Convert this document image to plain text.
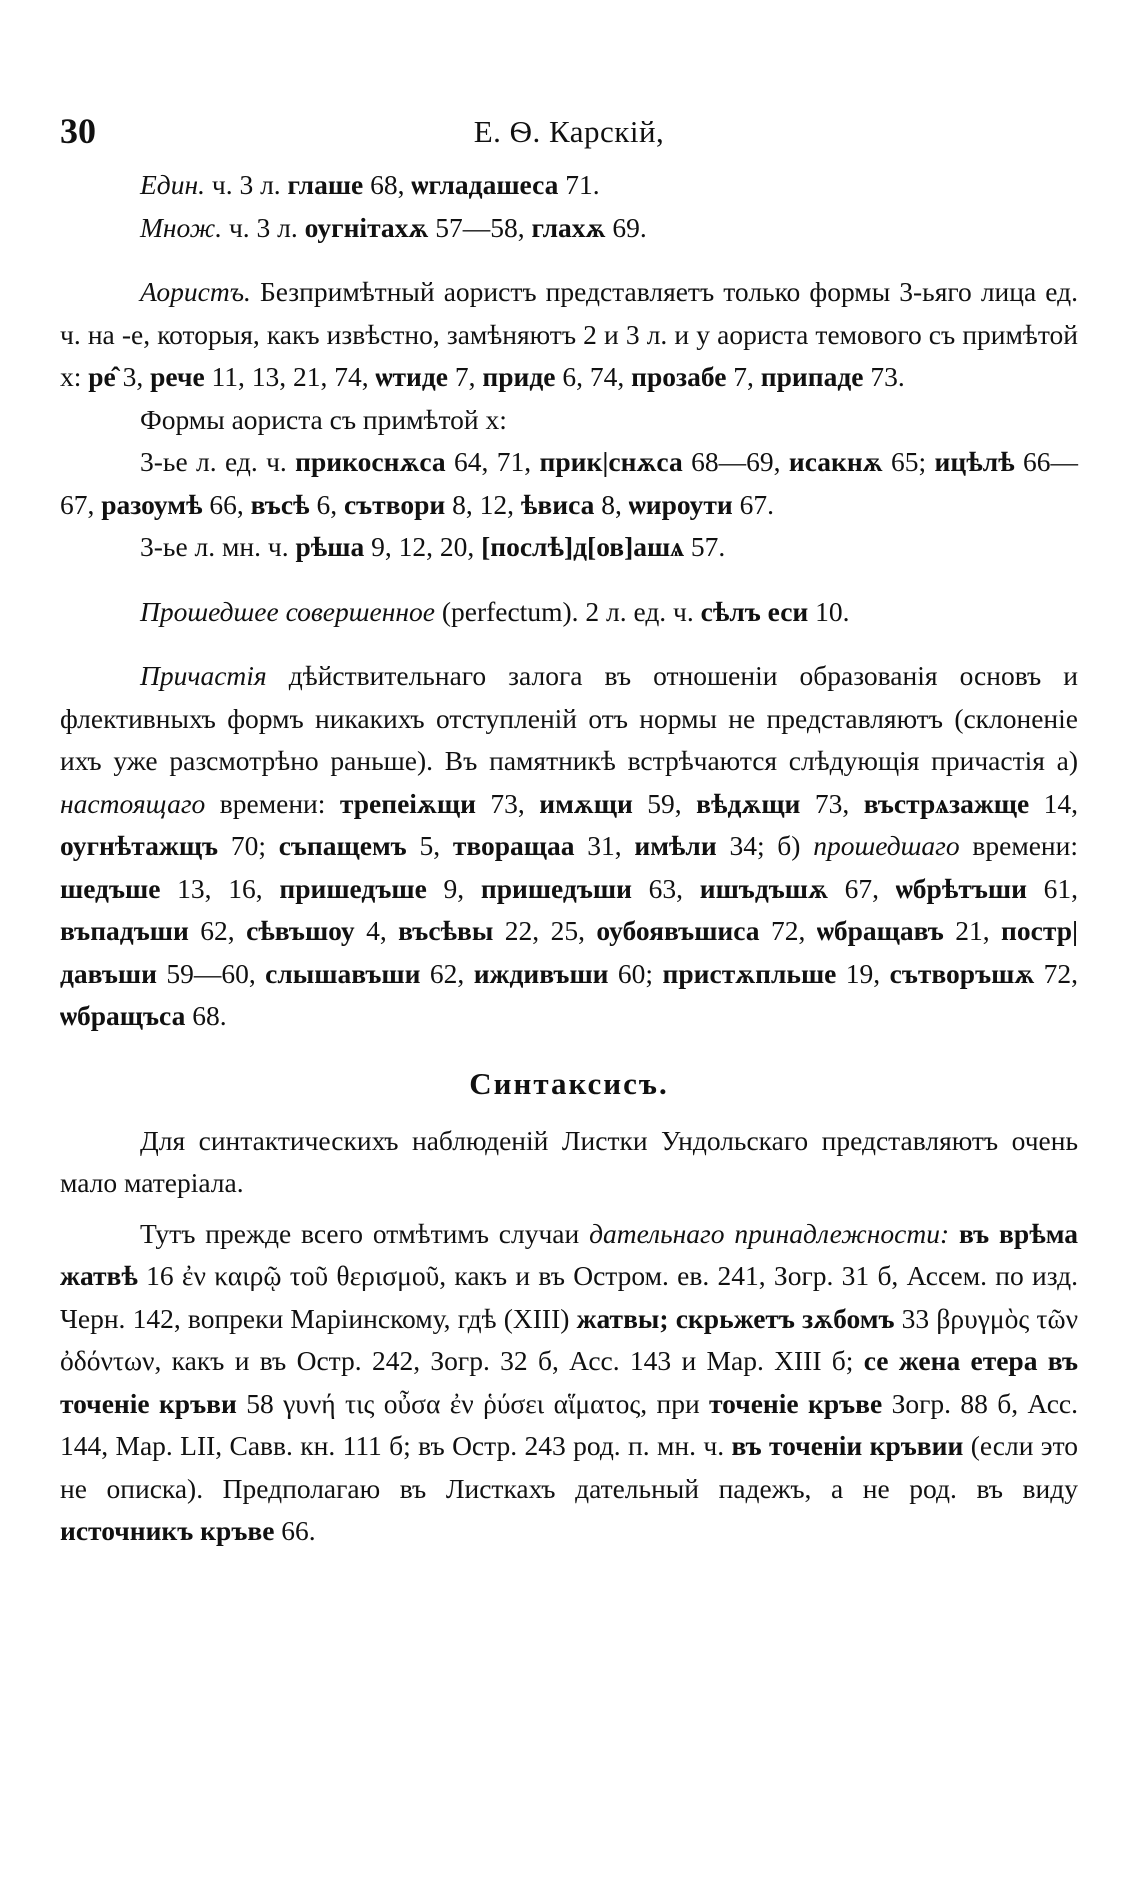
30	Е. Ѳ. Карскій,

Един. ч. 3 л. глаше 68, ѡгладашеса 71.

Множ. ч. 3 л. оугнітахѫ 57—58, глахѫ 69.

Аористъ. Безпримѣтный аористъ представляетъ только формы 3-ьяго лица ед. ч. на -е, которыя, какъ извѣстно, замѣняютъ 2 и 3 л. и у аориста темового съ примѣтой х: ре̂ 3, рече 11, 13, 21, 74, ѡтиде 7, приде 6, 74, прозабе 7, припаде 73.

Формы аориста съ примѣтой х:

3-ье л. ед. ч. прикоснѫса 64, 71, прик|снѫса 68—69, исакнѫ 65; ицѣлѣ 66—67, разоумѣ 66, въсѣ 6, сътвори 8, 12, ѣвиса 8, ѡироути 67.

3-ье л. мн. ч. рѣша 9, 12, 20, [послѣ]д[ов]ашѧ 57.

Прошедшее совершенное (perfectum). 2 л. ед. ч. сѣлъ еси 10.

Причастія дѣйствительнаго залога въ отношеніи образованія основъ и флективныхъ формъ никакихъ отступленій отъ нормы не представляютъ (склоненіе ихъ уже разсмотрѣно раньше). Въ памятникѣ встрѣчаются слѣдующія причастія а) настоящаго времени: трепеіѫщи 73, имѫщи 59, вѣдѫщи 73, въстрѧзажще 14, оугнѣтажщъ 70; съпащемъ 5, творащаа 31, имѣли 34; б) прошедшаго времени: шедъше 13, 16, пришедъше 9, пришедъши 63, ишъдъшѫ 67, ѡбрѣтъши 61, въпадъши 62, сѣвъшоу 4, въсѣвы 22, 25, оубоявъшиса 72, ѡбращавъ 21, постр|давъши 59—60, слышавъши 62, иждивъши 60; пристѫпльше 19, сътворъшѫ 72, ѡбращъса 68.

Синтаксисъ.

Для синтактическихъ наблюденій Листки Ундольскаго представляютъ очень мало матеріала.

Тутъ прежде всего отмѣтимъ случаи дательнаго принадлежности: въ врѣма жатвѣ 16 ἐν καιρῷ τοῦ θερισμοῦ, какъ и въ Остром. ев. 241, Зогр. 31 б, Ассем. по изд. Черн. 142, вопреки Маріинскому, гдѣ (XIII) жатвы; скрьжетъ зѫбомъ 33 βρυγμὸς τῶν ὀδόντων, какъ и въ Остр. 242, Зогр. 32 б, Асс. 143 и Мар. XIII б; се жена етера въ точеніе кръви 58 γυνή τις οὖσα ἐν ῥύσει αἵματος, при точеніе кръве Зогр. 88 б, Асс. 144, Мар. LII, Савв. кн. 111 б; въ Остр. 243 род. п. мн. ч. въ точеніи кръвии (если это не описка). Предполагаю въ Листкахъ дательный падежъ, а не род. въ виду источникъ кръве 66.
